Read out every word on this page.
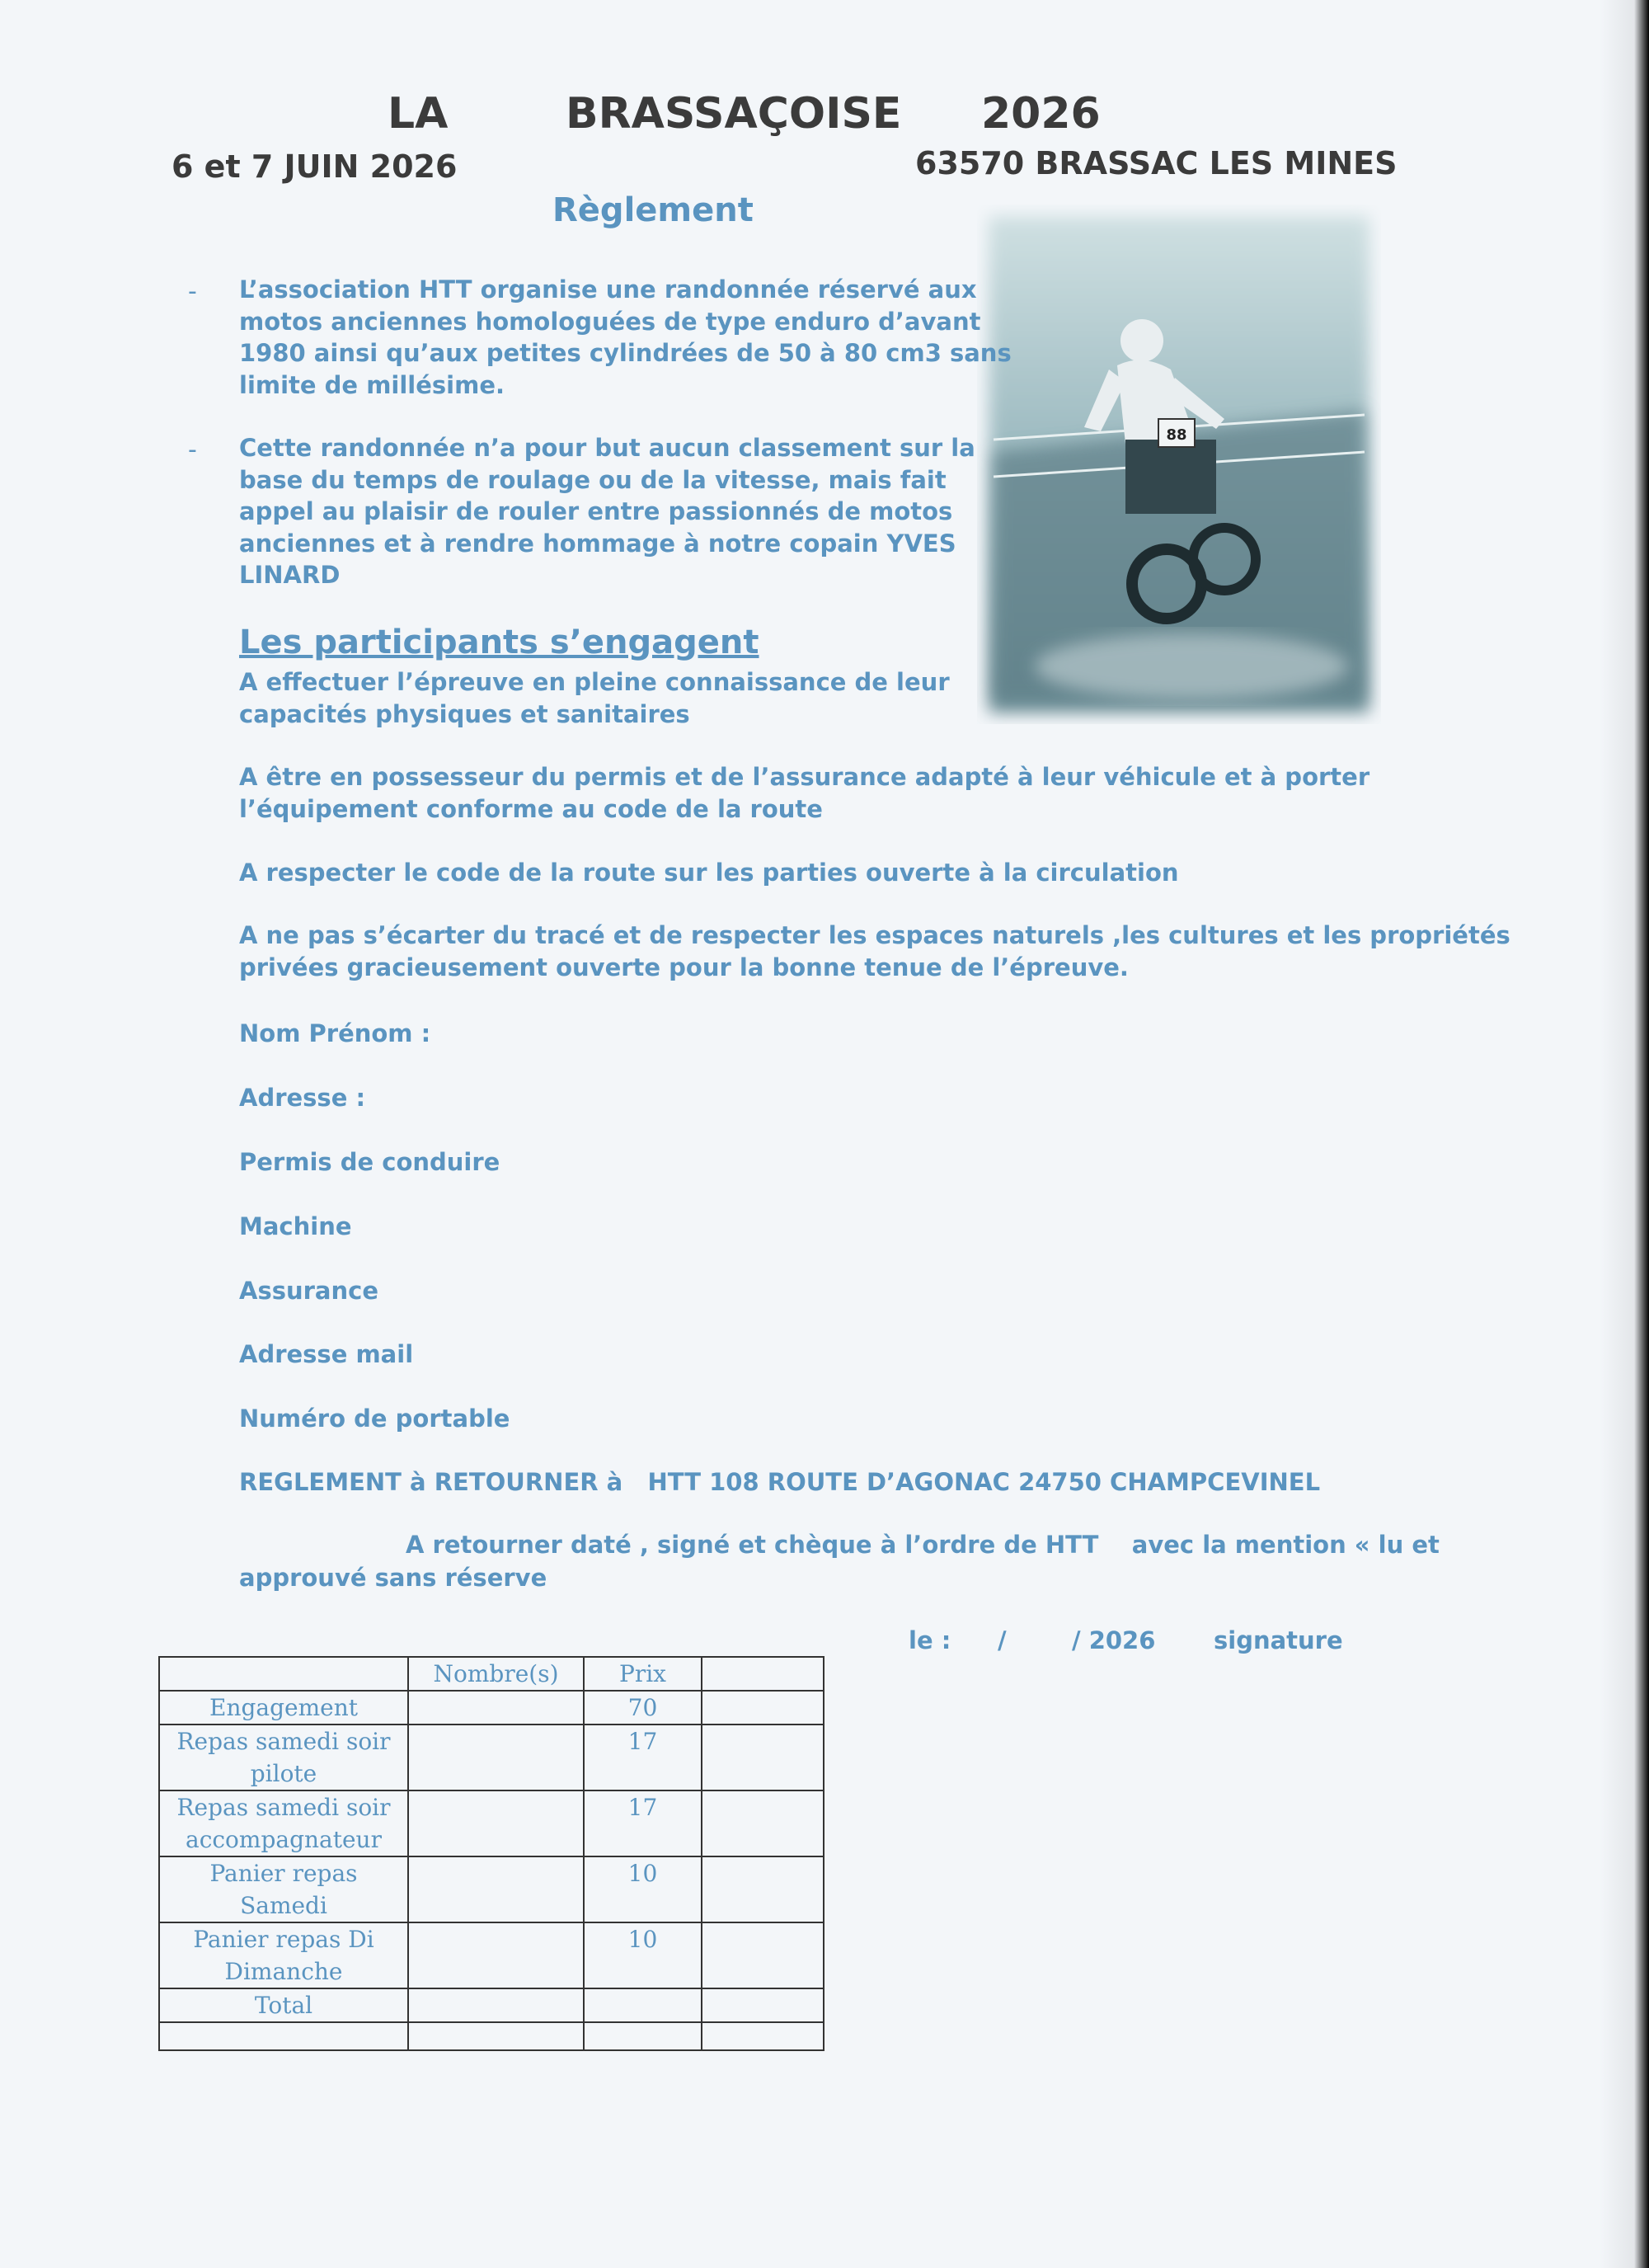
LA	BRASSAÇOISE 2026
6 et 7 JUIN 2026	63570 BRASSAC LES MINES
Règlement
88
- L’association HTT organise une randonnée réservé aux
motos anciennes homologuées de type enduro d’avant
1980 ainsi qu’aux petites cylindrées de 50 à 80 cm3 sans
limite de millésime.
- Cette randonnée n’a pour but aucun classement sur la
base du temps de roulage ou de la vitesse, mais fait
appel au plaisir de rouler entre passionnés de motos
anciennes et à rendre hommage à notre copain YVES
LINARD
Les participants s’engagent
A effectuer l’épreuve en pleine connaissance de leur
capacités physiques et sanitaires
A être en possesseur du permis et de l’assurance adapté à leur véhicule et à porter
l’équipement conforme au code de la route
A respecter le code de la route sur les parties ouverte à la circulation
A ne pas s’écarter du tracé et de respecter les espaces naturels ,les cultures et les propriétés
privées gracieusement ouverte pour la bonne tenue de l’épreuve.
Nom Prénom :
Adresse :
Permis de conduire
Machine
Assurance
Adresse mail
Numéro de portable
REGLEMENT à RETOURNER à   HTT 108 ROUTE D’AGONAC 24750 CHAMPCEVINEL
A retourner daté , signé et chèque à l’ordre de HTT    avec la mention « lu et
approuvé sans réserve
le : /	/ 2026 signature
	Nombre(s)	Prix	
Engagement		70	
Repas samedi soir pilote		17	
Repas samedi soir accompagnateur		17	
Panier repas Samedi		10	
Panier repas Di Dimanche		10	
Total			
